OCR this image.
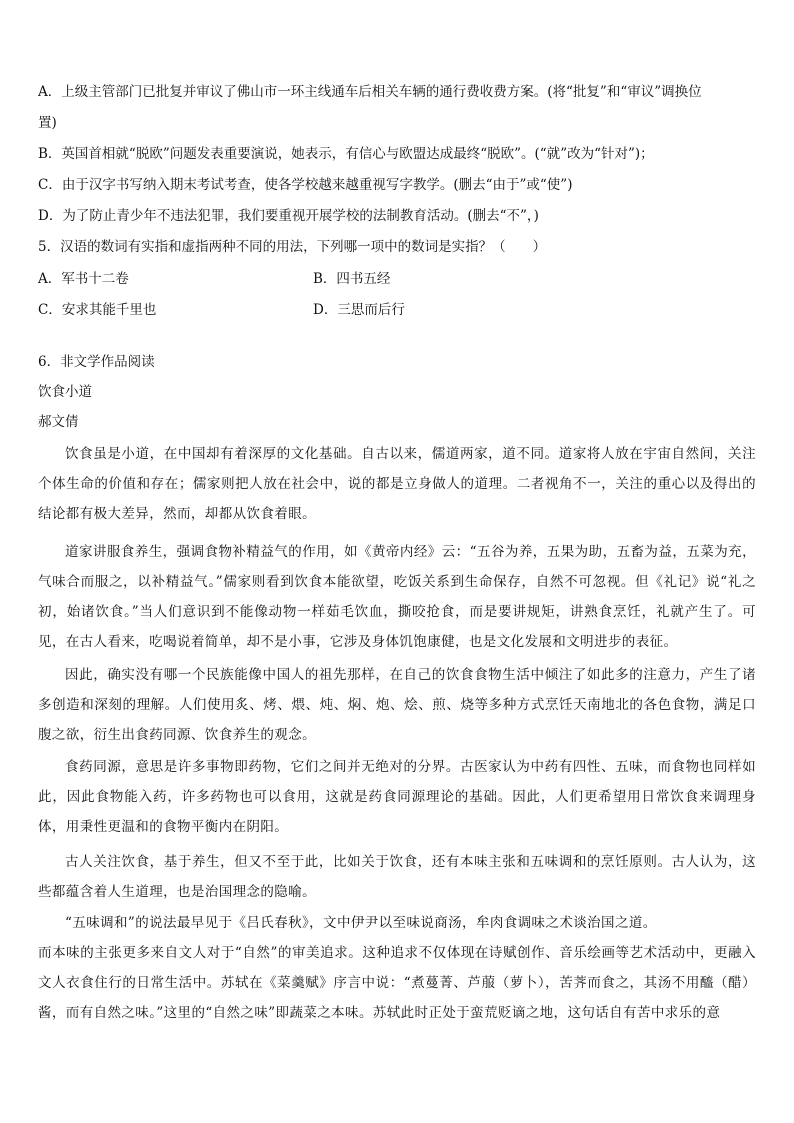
A．上级主管部门已批复并审议了佛山市一环主线通车后相关车辆的通行费收费方案。(将“批复”和“审议”调换位
置)
B．英国首相就“脱欧”问题发表重要演说，她表示，有信心与欧盟达成最终“脱欧”。(“就”改为“针对”)；
C．由于汉字书写纳入期末考试考查，使各学校越来越重视写字教学。(删去“由于”或“使”)
D．为了防止青少年不违法犯罪，我们要重视开展学校的法制教育活动。(删去“不”，)
5．汉语的数词有实指和虚指两种不同的用法，下列哪一项中的数词是实指？（　　）
A．军书十二卷	B．四书五经
C．安求其能千里也	D．三思而后行
6．非文学作品阅读
饮食小道
郝文倩
饮食虽是小道，在中国却有着深厚的文化基础。自古以来，儒道两家，道不同。道家将人放在宇宙自然间，关注个体生命的价值和存在；儒家则把人放在社会中，说的都是立身做人的道理。二者视角不一，关注的重心以及得出的结论都有极大差异，然而，却都从饮食着眼。
道家讲服食养生，强调食物补精益气的作用，如《黄帝内经》云：“五谷为养，五果为助，五畜为益，五菜为充，气味合而服之，以补精益气。”儒家则看到饮食本能欲望，吃饭关系到生命保存，自然不可忽视。但《礼记》说“礼之初，始诸饮食。”当人们意识到不能像动物一样茹毛饮血，撕咬抢食，而是要讲规矩，讲熟食烹饪，礼就产生了。可见，在古人看来，吃喝说着简单，却不是小事，它涉及身体饥饱康健，也是文化发展和文明进步的表征。
因此，确实没有哪一个民族能像中国人的祖先那样，在自己的饮食食物生活中倾注了如此多的注意力，产生了诸多创造和深刻的理解。人们使用炙、烤、煨、炖、焖、炮、烩、煎、烧等多种方式烹饪天南地北的各色食物，满足口腹之欲，衍生出食药同源、饮食养生的观念。
食药同源，意思是许多事物即药物，它们之间并无绝对的分界。古医家认为中药有四性、五味，而食物也同样如此，因此食物能入药，许多药物也可以食用，这就是药食同源理论的基础。因此，人们更希望用日常饮食来调理身体，用秉性更温和的食物平衡内在阴阳。
古人关注饮食，基于养生，但又不至于此，比如关于饮食，还有本味主张和五味调和的烹饪原则。古人认为，这些都蕴含着人生道理，也是治国理念的隐喻。
“五味调和”的说法最早见于《吕氏春秋》，文中伊尹以至味说商汤，牟肉食调味之术谈治国之道。
而本味的主张更多来自文人对于“自然”的审美追求。这种追求不仅体现在诗赋创作、音乐绘画等艺术活动中，更融入文人衣食住行的日常生活中。苏轼在《菜羹赋》序言中说：“煮蔓菁、芦菔（萝卜），苦荠而食之，其汤不用醯（醋）酱，而有自然之味。”这里的“自然之味”即蔬菜之本味。苏轼此时正处于蛮荒贬谪之地，这句话自有苦中求乐的意
